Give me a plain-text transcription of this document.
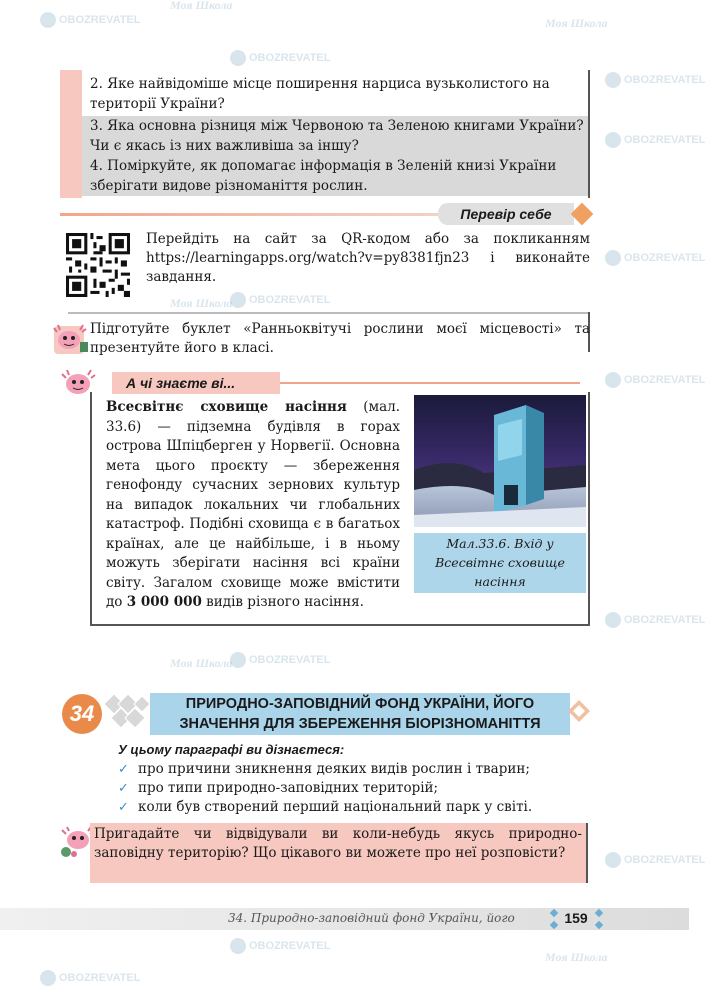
OBOZREVATEL
Моя Школа
OBOZREVATEL
Моя Школа
OBOZREVATEL
OBOZREVATEL
OBOZREVATEL
Моя Школа	OBOZREVATEL
OBOZREVATEL
OBOZREVATEL
Моя Школа	OBOZREVATEL
OBOZREVATEL
OBOZREVATEL
Моя Школа
OBOZREVATEL
2. Яке найвідоміше місце поширення нарциса вузьколистого на території України?
3. Яка основна різниця між Червоною та Зеленою книгами України? Чи є якась із них важливіша за іншу?
4. Поміркуйте, як допомагає інформація в Зеленій книзі України зберігати видове різноманіття рослин.
Перевір себе
Перейдіть на сайт за QR-кодом або за покликанням https://learningapps.org/watch?v=py8381fjn23 і виконайте завдання.
Підготуйте буклет «Ранньоквітучі рослини моєї місцевості» та презентуйте його в класі.
А чі знаєте ві...
Всесвітнє сховище насіння (мал. 33.6) — підземна будівля в горах острова Шпіцберген у Норвегії. Основна мета цього проєкту — збереження генофонду сучасних зернових культур на випадок локальних чи глобальних катастроф. Подібні сховища є в багатьох країнах, але це найбільше, і в ньому можуть зберігати насіння всі країни світу. Загалом сховище може вмістити до 3 000 000 видів різного насіння.
Мал.33.6. Вхід у Всесвітнє сховище насіння
34	ПРИРОДНО-ЗАПОВІДНИЙ ФОНД УКРАЇНИ, ЙОГО ЗНАЧЕННЯ ДЛЯ ЗБЕРЕЖЕННЯ БІОРІЗНОМАНІТТЯ
У цьому параграфі ви дізнаєтеся:
✓ про причини зникнення деяких видів рослин і тварин;
✓ про типи природно-заповідних територій;
✓ коли був створений перший національний парк у світі.
Пригадайте чи відвідували ви коли-небудь якусь природно-заповідну територію? Що цікавого ви можете про неї розповісти?
34. Природно-заповідний фонд України, його	159
